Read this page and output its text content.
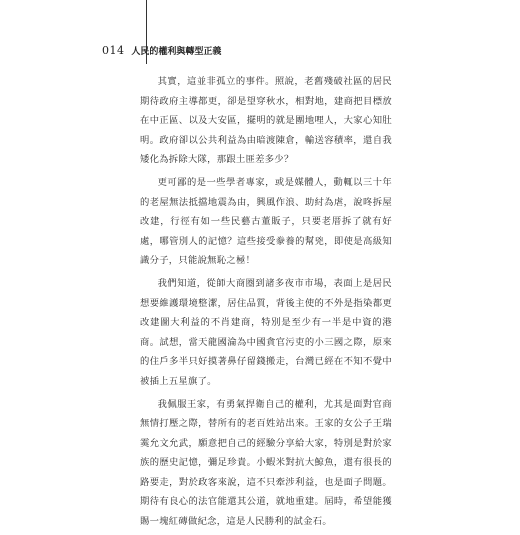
014 人民的權利與轉型正義

其實，這並非孤立的事件。照說，老舊殘破社區的居民期待政府主導都更，卻是望穿秋水，相對地，建商把目標放在中正區、以及大安區，擺明的就是團地哩人，大家心知肚明。政府卻以公共利益為由暗渡陳倉，輸送容積率，還自我矮化為拆除大隊，那跟土匪差多少？

更可鄙的是一些學者專家，或是媒體人，動輒以三十年的老屋無法抵擋地震為由，興風作浪、助紂為虐，說咚拆屋改建，行徑有如一些民藝古董販子，只要老厝拆了就有好處，哪管別人的記憶？這些接受豢養的幫兇，即使是高級知識分子，只能說無恥之極！

我們知道，從師大商圈到諸多夜市市場，表面上是居民想要維護環境整潔，居住品質，背後主使的不外是指染都更改建圖大利益的不肖建商，特別是至少有一半是中資的港商。試想，當天龍國淪為中國貪官污吏的小三國之際，原來的住戶多半只好摸著鼻仔留錢搬走，台灣已經在不知不覺中被插上五星旗了。

我佩服王家，有勇氣捍衛自己的權利，尤其是面對官商無情打壓之際，替所有的老百姓站出來。王家的女公子王瑞霙允文允武，願意把自己的經驗分享給大家，特別是對於家族的歷史記憶，彌足珍貴。小蝦米對抗大鯨魚，還有很長的路要走，對於政客來說，這不只牽涉利益，也是面子問題。期待有良心的法官能還其公道，就地重建。屆時，希望能獲賜一塊紅磚做紀念，這是人民勝利的試金石。
